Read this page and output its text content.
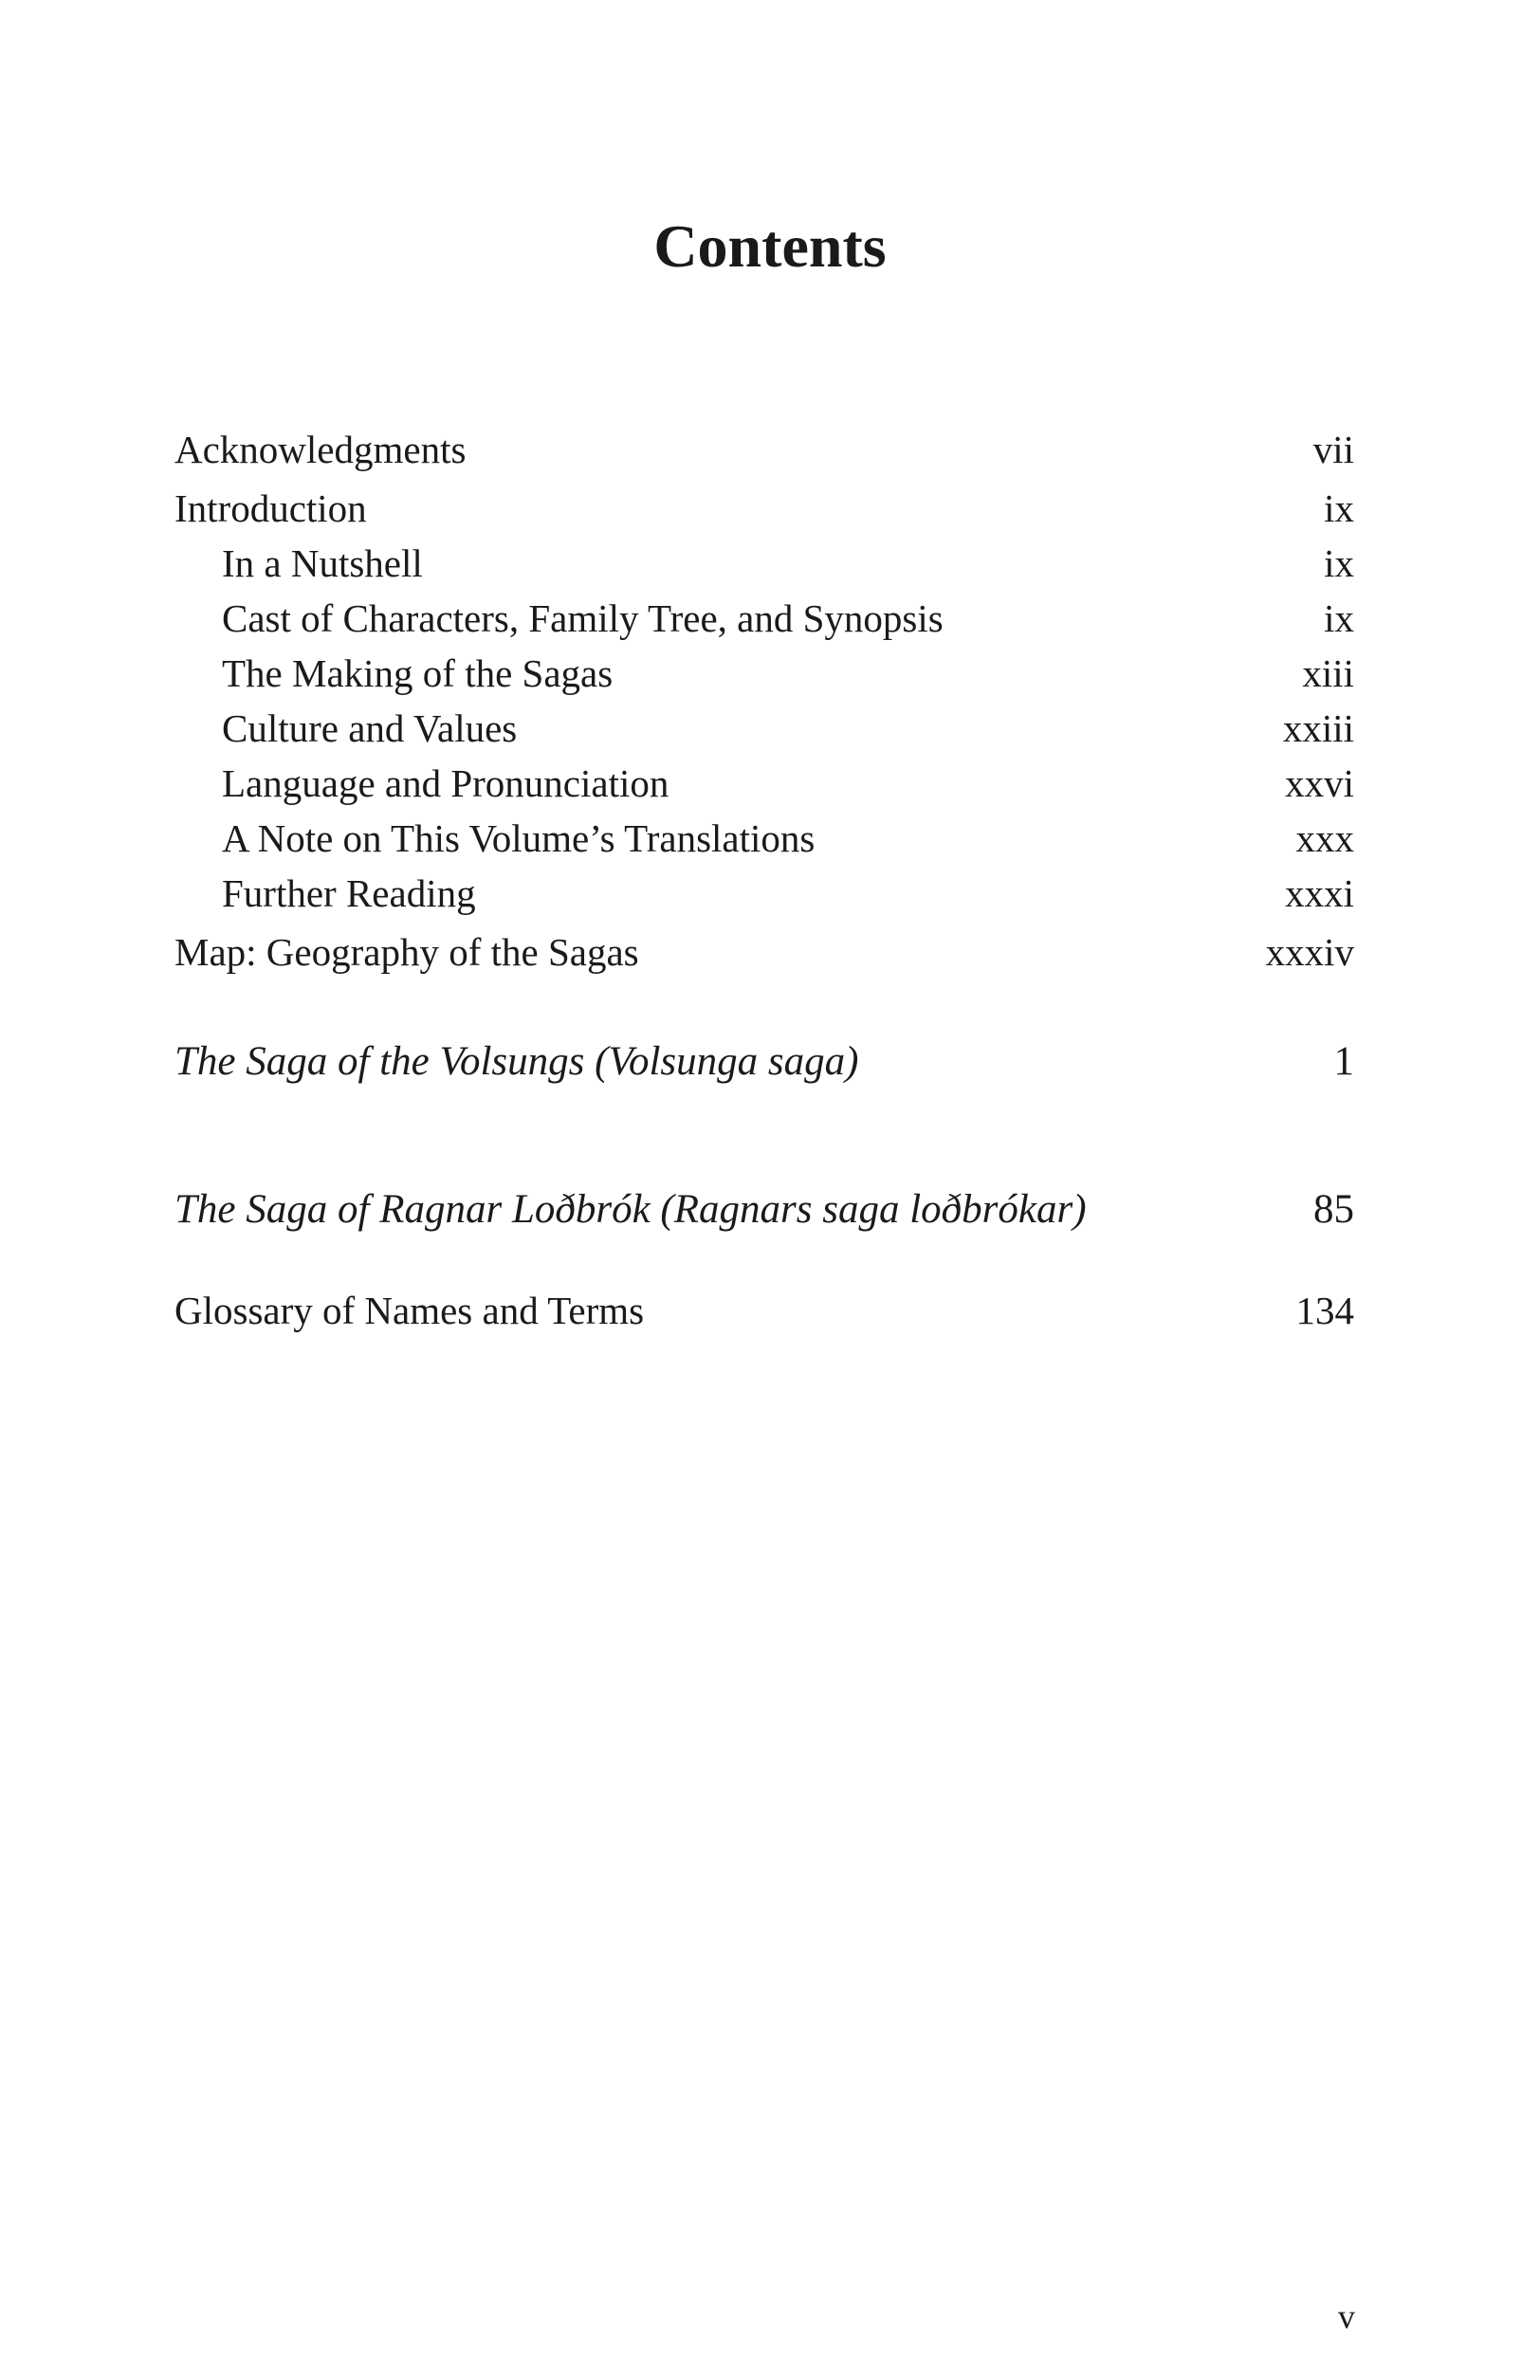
Contents
Acknowledgments	vii
Introduction	ix
In a Nutshell	ix
Cast of Characters, Family Tree, and Synopsis	ix
The Making of the Sagas	xiii
Culture and Values	xxiii
Language and Pronunciation	xxvi
A Note on This Volume’s Translations	xxx
Further Reading	xxxi
Map: Geography of the Sagas	xxxiv
The Saga of the Volsungs (Volsunga saga)	1
The Saga of Ragnar Loðbrók (Ragnars saga loðbrókar)	85
Glossary of Names and Terms	134
v
